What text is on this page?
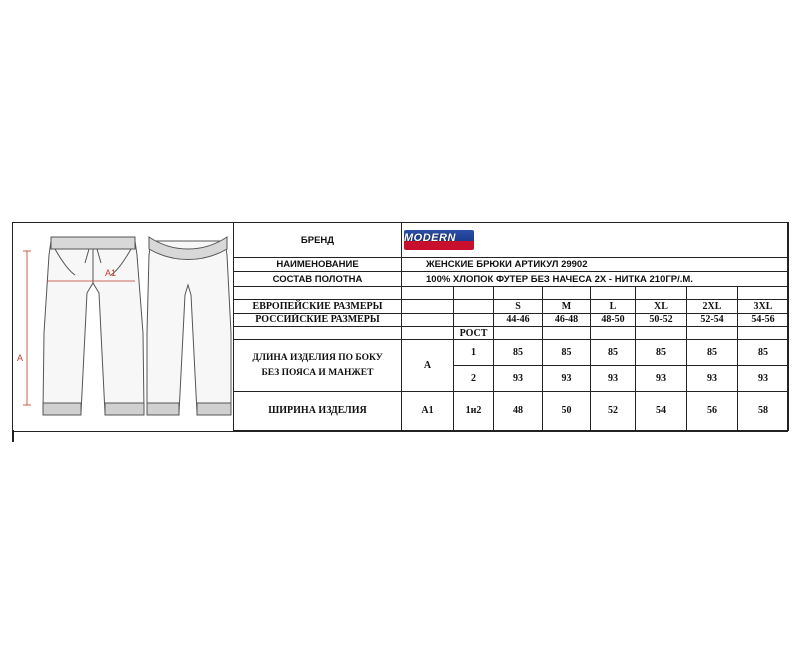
A1
A
БРЕНД	MODERN							

НАИМЕНОВАНИЕ	ЖЕНСКИЕ БРЮКИ АРТИКУЛ 29902							
СОСТАВ ПОЛОТНА	100% ХЛОПОК ФУТЕР БЕЗ НАЧЕСА 2Х - НИТКА 210ГР/.М.							

ЕВРОПЕЙСКИЕ РАЗМЕРЫ			S	M	L	XL	2XL	3XL
РОССИЙСКИЕ РАЗМЕРЫ			44-46	46-48	48-50	50-52	52-54	54-56
		РОСТ						

ДЛИНА ИЗДЕЛИЯ ПО БОКУ
БЕЗ ПОЯСА И МАНЖЕТ	A	1	85	85	85	85	85	85
		2	93	93	93	93	93	93
ШИРИНА ИЗДЕЛИЯ	A1	1и2	48	50	52	54	56	58
